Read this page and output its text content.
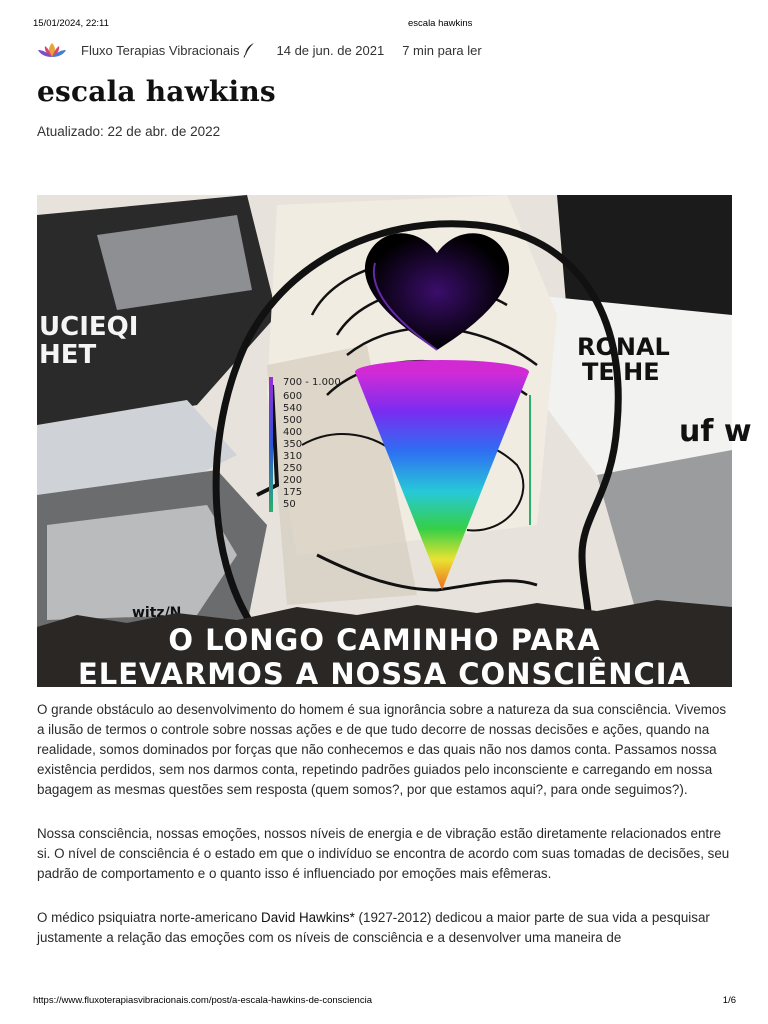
15/01/2024, 22:11	escala hawkins
Fluxo Terapias Vibracionais	14 de jun. de 2021 7 min para ler
escala hawkins
Atualizado: 22 de abr. de 2022
UCIEQI
HET	RONAL
TE HE
uf w
witz/N
700 - 1.000
600
540
500
400
350
310
250
200
175
50
O LONGO CAMINHO PARA
ELEVARMOS A NOSSA CONSCIÊNCIA

O grande obstáculo ao desenvolvimento do homem é sua ignorância sobre a natureza da sua consciência. Vivemos a ilusão de termos o controle sobre nossas ações e de que tudo decorre de nossas decisões e ações, quando na realidade, somos dominados por forças que não conhecemos e das quais não nos damos conta. Passamos nossa existência perdidos, sem nos darmos conta, repetindo padrões guiados pelo inconsciente e carregando em nossa bagagem as mesmas questões sem resposta (quem somos?, por que estamos aqui?, para onde seguimos?).

Nossa consciência, nossas emoções, nossos níveis de energia e de vibração estão diretamente relacionados entre si. O nível de consciência é o estado em que o indivíduo se encontra de acordo com suas tomadas de decisões, seu padrão de comportamento e o quanto isso é influenciado por emoções mais efêmeras.

O médico psiquiatra norte-americano David Hawkins* (1927-2012) dedicou a maior parte de sua vida a pesquisar justamente a relação das emoções com os níveis de consciência e a desenvolver uma maneira de

https://www.fluxoterapiasvibracionais.com/post/a-escala-hawkins-de-consciencia	1/6
